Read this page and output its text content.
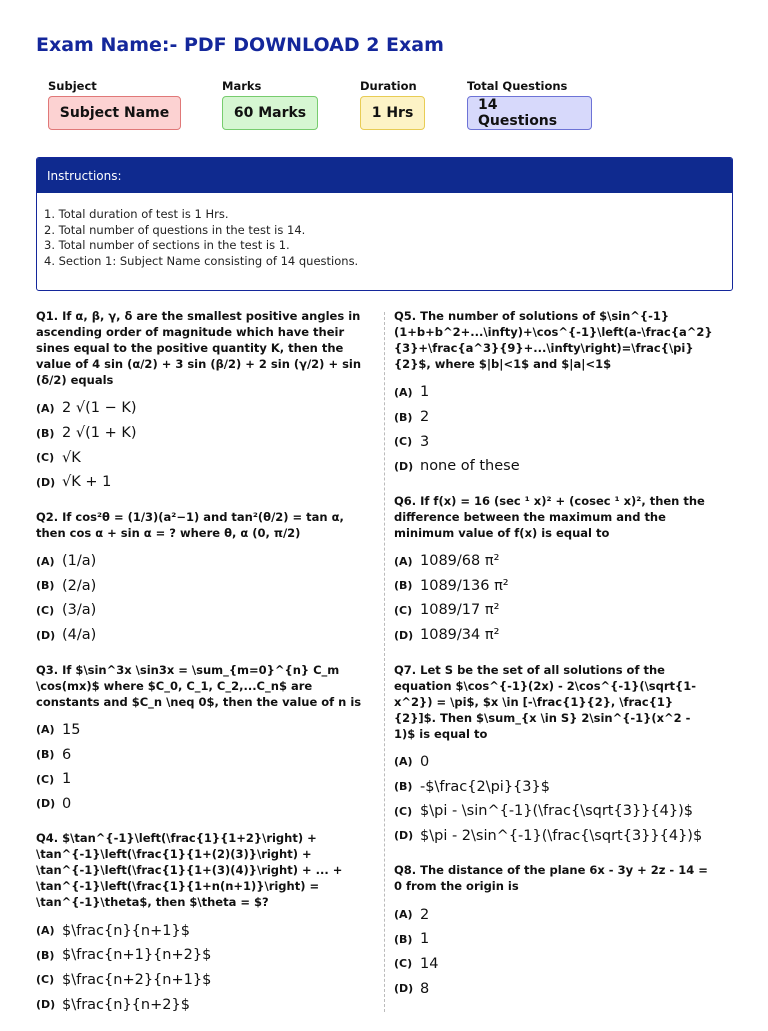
Exam Name:- PDF DOWNLOAD 2 Exam
Subject
Subject Name
Marks
60 Marks
Duration
1 Hrs
Total Questions
14 Questions
Instructions:
1. Total duration of test is 1 Hrs.
2. Total number of questions in the test is 14.
3. Total number of sections in the test is 1.
4. Section 1: Subject Name consisting of 14 questions.
Q1. If α, β, γ, δ are the smallest positive angles in ascending order of magnitude which have their sines equal to the positive quantity K, then the value of 4 sin (α/2) + 3 sin (β/2) + 2 sin (γ/2) + sin (δ/2) equals
(A) 2 √(1 − K)
(B) 2 √(1 + K)
(C) √K
(D) √K + 1
Q2. If cos²θ = (1/3)(a²−1) and tan²(θ/2) = tan α, then cos α + sin α = ? where θ, α (0, π/2)
(A) (1/a)
(B) (2/a)
(C) (3/a)
(D) (4/a)
Q3. If $\sin^3x \sin3x = \sum_{m=0}^{n} C_m \cos(mx)$ where $C_0, C_1, C_2,...C_n$ are constants and $C_n \neq 0$, then the value of n is
(A) 15
(B) 6
(C) 1
(D) 0
Q4. $\tan^{-1}\left(\frac{1}{1+2}\right) + \tan^{-1}\left(\frac{1}{1+(2)(3)}\right) + \tan^{-1}\left(\frac{1}{1+(3)(4)}\right) + ... + \tan^{-1}\left(\frac{1}{1+n(n+1)}\right) = \tan^{-1}\theta$, then $\theta = $?
(A) $\frac{n}{n+1}$
(B) $\frac{n+1}{n+2}$
(C) $\frac{n+2}{n+1}$
(D) $\frac{n}{n+2}$
Q5. The number of solutions of $\sin^{-1}(1+b+b^2+...\infty)+\cos^{-1}\left(a-\frac{a^2}{3}+\frac{a^3}{9}+...\infty\right)=\frac{\pi}{2}$, where $|b|<1$ and $|a|<1$
(A) 1
(B) 2
(C) 3
(D) none of these
Q6. If f(x) = 16 (sec ¹ x)² + (cosec ¹ x)², then the difference between the maximum and the minimum value of f(x) is equal to
(A) 1089/68 π²
(B) 1089/136 π²
(C) 1089/17 π²
(D) 1089/34 π²
Q7. Let S be the set of all solutions of the equation $\cos^{-1}(2x) - 2\cos^{-1}(\sqrt{1-x^2}) = \pi$, $x \in [-\frac{1}{2}, \frac{1}{2}]$. Then $\sum_{x \in S} 2\sin^{-1}(x^2 - 1)$ is equal to
(A) 0
(B) -$\frac{2\pi}{3}$
(C) $\pi - \sin^{-1}(\frac{\sqrt{3}}{4})$
(D) $\pi - 2\sin^{-1}(\frac{\sqrt{3}}{4})$
Q8. The distance of the plane 6x - 3y + 2z - 14 = 0 from the origin is
(A) 2
(B) 1
(C) 14
(D) 8
